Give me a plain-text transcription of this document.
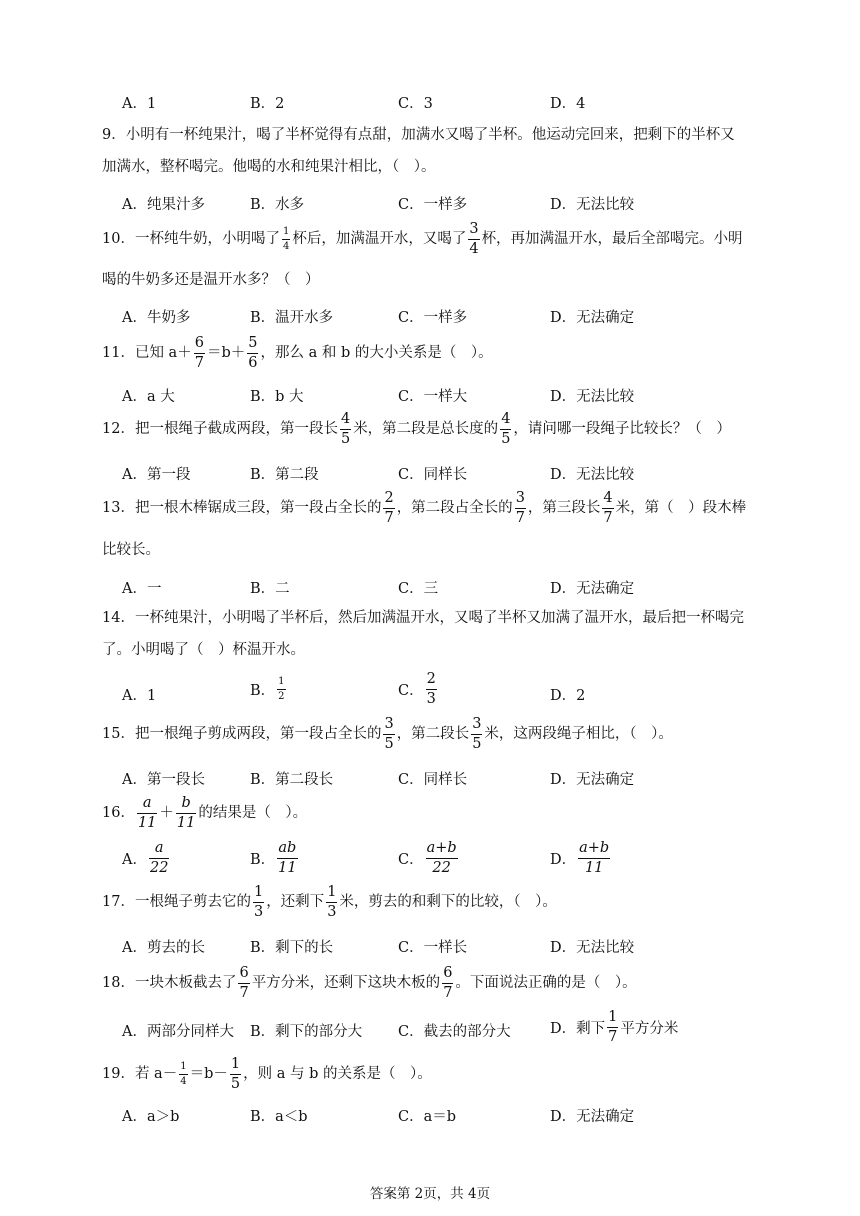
A．1	B．2	C．3	D．4
9．小明有一杯纯果汁，喝了半杯觉得有点甜，加满水又喝了半杯。他运动完回来，把剩下的半杯又
加满水，整杯喝完。他喝的水和纯果汁相比，（　）。
A．纯果汁多	B．水多	C．一样多	D．无法比较
10．一杯纯牛奶，小明喝了 $\frac{1}{4}$ 杯后，加满温开水，又喝了 $\frac{3}{4}$ 杯，再加满温开水，最后全部喝完。小明
喝的牛奶多还是温开水多？（　）
A．牛奶多	B．温开水多	C．一样多	D．无法确定
11．已知 $a+ \frac{6}{7} =b+ \frac{5}{6}$ ，那么 a 和 b 的大小关系是（　）。
A．a 大	B．b 大	C．一样大	D．无法比较
12．把一根绳子截成两段，第一段长 $\frac{4}{5}$ 米，第二段是总长度的 $\frac{4}{5}$ ，请问哪一段绳子比较长？（　）
A．第一段	B．第二段	C．同样长	D．无法比较
13．把一根木棒锯成三段，第一段占全长的 $\frac{2}{7}$ ，第二段占全长的 $\frac{3}{7}$ ，第三段长 $\frac{4}{7}$ 米，第（　）段木棒
比较长。
A．一	B．二	C．三	D．无法确定
14．一杯纯果汁，小明喝了半杯后，然后加满温开水，又喝了半杯又加满了温开水，最后把一杯喝完
了。小明喝了（　）杯温开水。
A．1	B． $\frac{1}{2}$	C． $\frac{2}{3}$	D．2
15．把一根绳子剪成两段，第一段占全长的 $\frac{3}{5}$ ，第二段长 $\frac{3}{5}$ 米，这两段绳子相比，（　）。
A．第一段长	B．第二段长	C．同样长	D．无法确定
16． $\frac{a}{11} + \frac{b}{11}$ 的结果是（　）。
A． $\frac{a}{22}$	B． $\frac{ab}{11}$	C． $\frac{a+b}{22}$	D． $\frac{a+b}{11}$
17．一根绳子剪去它的 $\frac{1}{3}$ ，还剩下 $\frac{1}{3}$ 米，剪去的和剩下的比较，（　）。
A．剪去的长	B．剩下的长	C．一样长	D．无法比较
18．一块木板截去了 $\frac{6}{7}$ 平方分米，还剩下这块木板的 $\frac{6}{7}$ 。下面说法正确的是（　）。
A．两部分同样大 B．剩下的部分大 C．截去的部分大	D．剩下 $\frac{1}{7}$ 平方分米
19．若 $a- \frac{1}{4} =b- \frac{1}{5}$ ，则 a 与 b 的关系是（　）。
A．a＞b	B．a＜b	C．a＝b	D．无法确定
答案第 2页，共 4页
